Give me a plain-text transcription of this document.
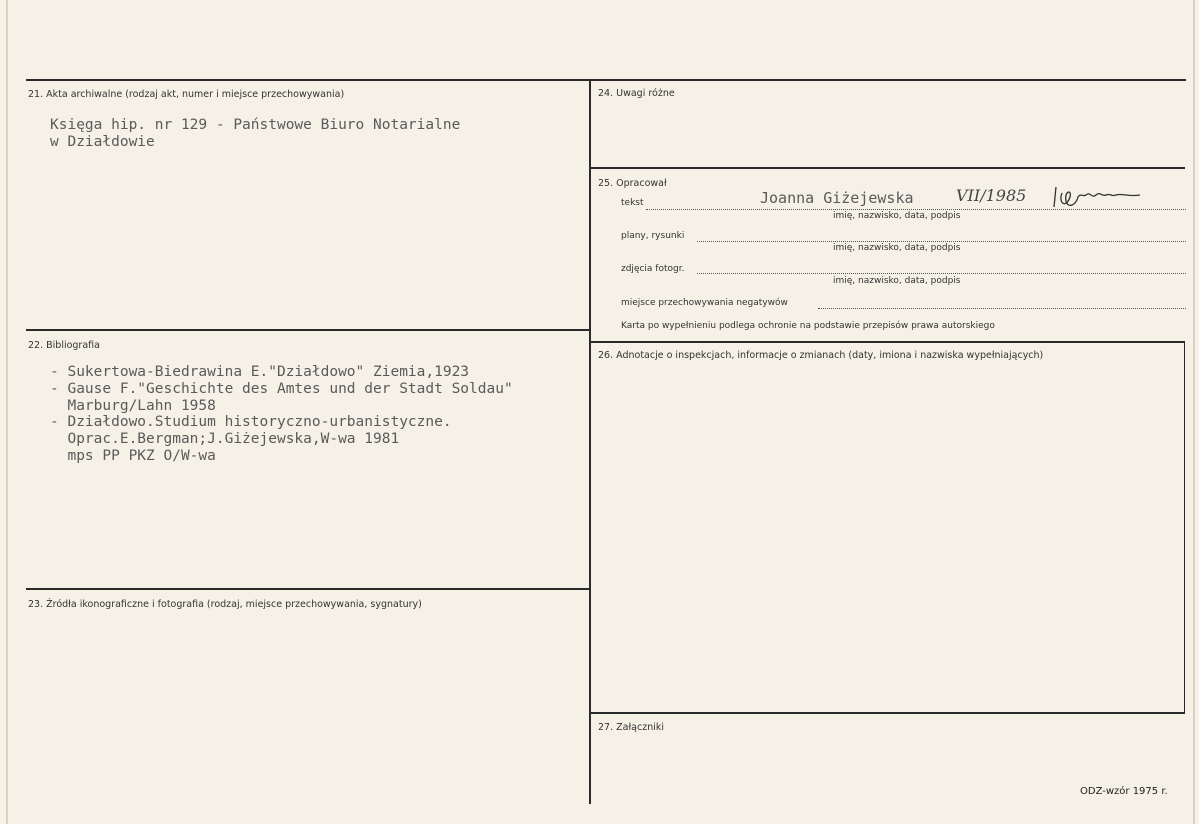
21. Akta archiwalne (rodzaj akt, numer i miejsce przechowywania)
Księga hip. nr 129 - Państwowe Biuro Notarialne
w Działdowie
22. Bibliografia
- Sukertowa-Biedrawina E."Działdowo" Ziemia,1923
- Gause F."Geschichte des Amtes und der Stadt Soldau"
Marburg/Lahn 1958
- Działdowo.Studium historyczno-urbanistyczne.
Oprac.E.Bergman;J.Giżejewska,W-wa 1981
mps PP PKZ O/W-wa
23. Źródła ikonograficzne i fotografia (rodzaj, miejsce przechowywania, sygnatury)
24. Uwagi różne
25. Opracował
tekst	Joanna Giżejewska	VII/1985
imię, nazwisko, data, podpis
plany, rysunki
imię, nazwisko, data, podpis
zdjęcia fotogr.
imię, nazwisko, data, podpis
miejsce przechowywania negatywów
Karta po wypełnieniu podlega ochronie na podstawie przepisów prawa autorskiego
26. Adnotacje o inspekcjach, informacje o zmianach (daty, imiona i nazwiska wypełniających)
27. Załączniki
ODZ-wzór 1975 r.
